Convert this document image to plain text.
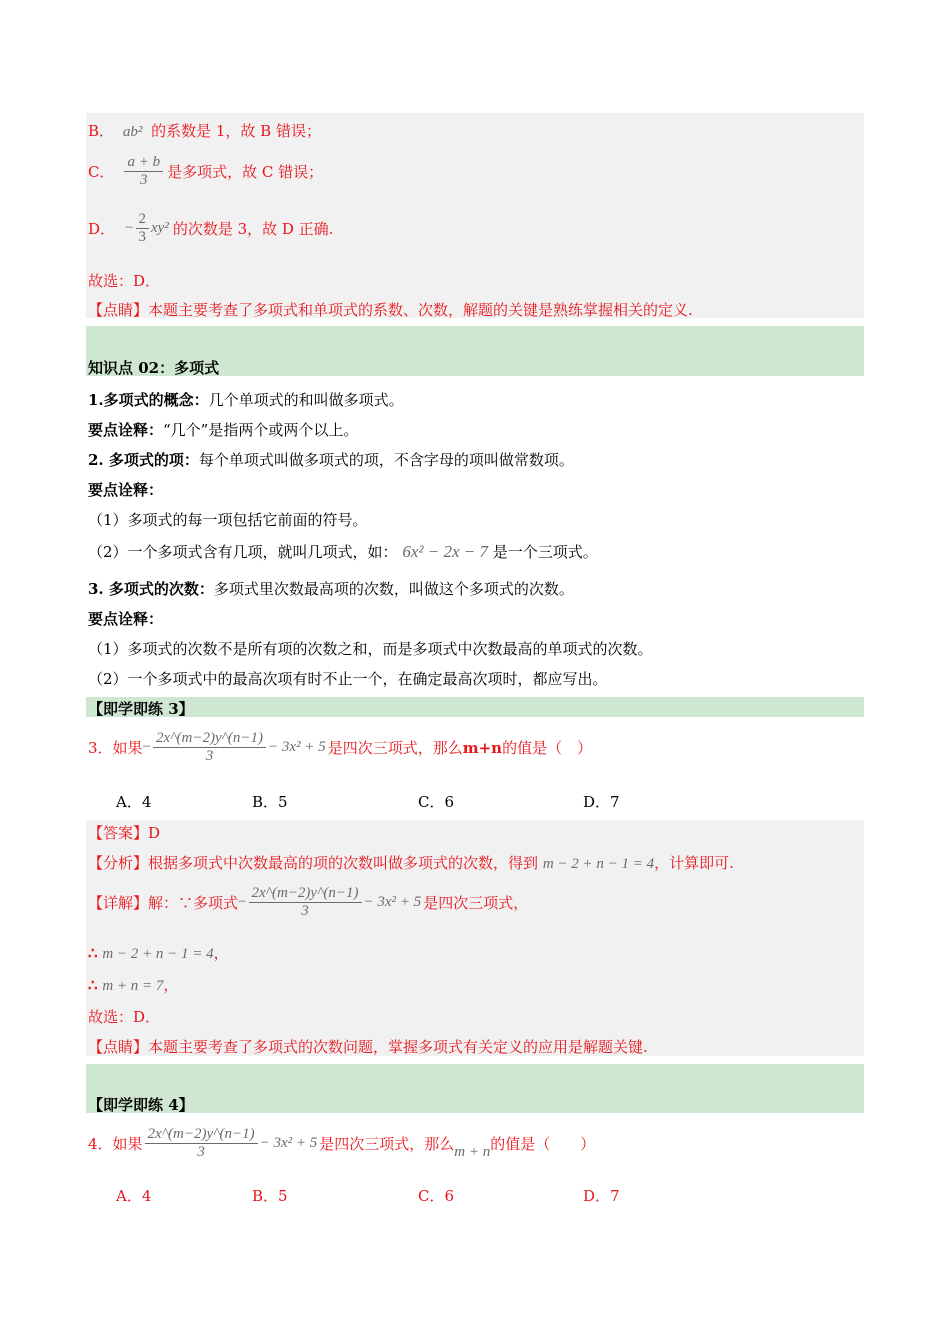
B． ab² 的系数是 1，故 B 错误；
C． $\frac{a + b}{3}$ 是多项式，故 C 错误；
D． − $\frac{2}{3} xy^2$ 的次数是 3，故 D 正确.
故选：D．
【点睛】本题主要考查了多项式和单项式的系数、次数，解题的关键是熟练掌握相关的定义.
知识点 02：多项式
1.多项式的概念：几个单项式的和叫做多项式。
要点诠释：“几个”是指两个或两个以上。
2. 多项式的项：每个单项式叫做多项式的项，不含字母的项叫做常数项。
要点诠释：
（1）多项式的每一项包括它前面的符号。
（2）一个多项式含有几项，就叫几项式，如： 6x² − 2x − 7 是一个三项式。
3. 多项式的次数：多项式里次数最高项的次数，叫做这个多项式的次数。
要点诠释：
（1）多项式的次数不是所有项的次数之和，而是多项式中次数最高的单项式的次数。
（2）一个多项式中的最高次项有时不止一个，在确定最高次项时，都应写出。
【即学即练 3】
3．如果 − $\frac{2x\^{}(m-2)y\^{}(n-1)}{3} - 3x^2 + 5$ 是四次三项式，那么 m + n 的值是（　）
A．4	B．5	C．6	D．7
【答案】D
【分析】根据多项式中次数最高的项的次数叫做多项式的次数，得到 m − 2 + n − 1 = 4，计算即可.
【详解】 解：∵多项式 − $\frac{2x\^{}(m-2)y\^{}(n-1)}{3} - 3x^2 + 5$ 是四次三项式，
∴ m − 2 + n − 1 = 4，
∴ m + n = 7，
故选：D．
【点睛】本题主要考查了多项式的次数问题，掌握多项式有关定义的应用是解题关键.
【即学即练 4】
4．如果 $\frac{2x\^{}(m-2)y\^{}(n-1)}{3} - 3x^2 + 5$ 是四次三项式，那么 m + n 的值是（　　）
A．4	B．5	C．6	D．7
